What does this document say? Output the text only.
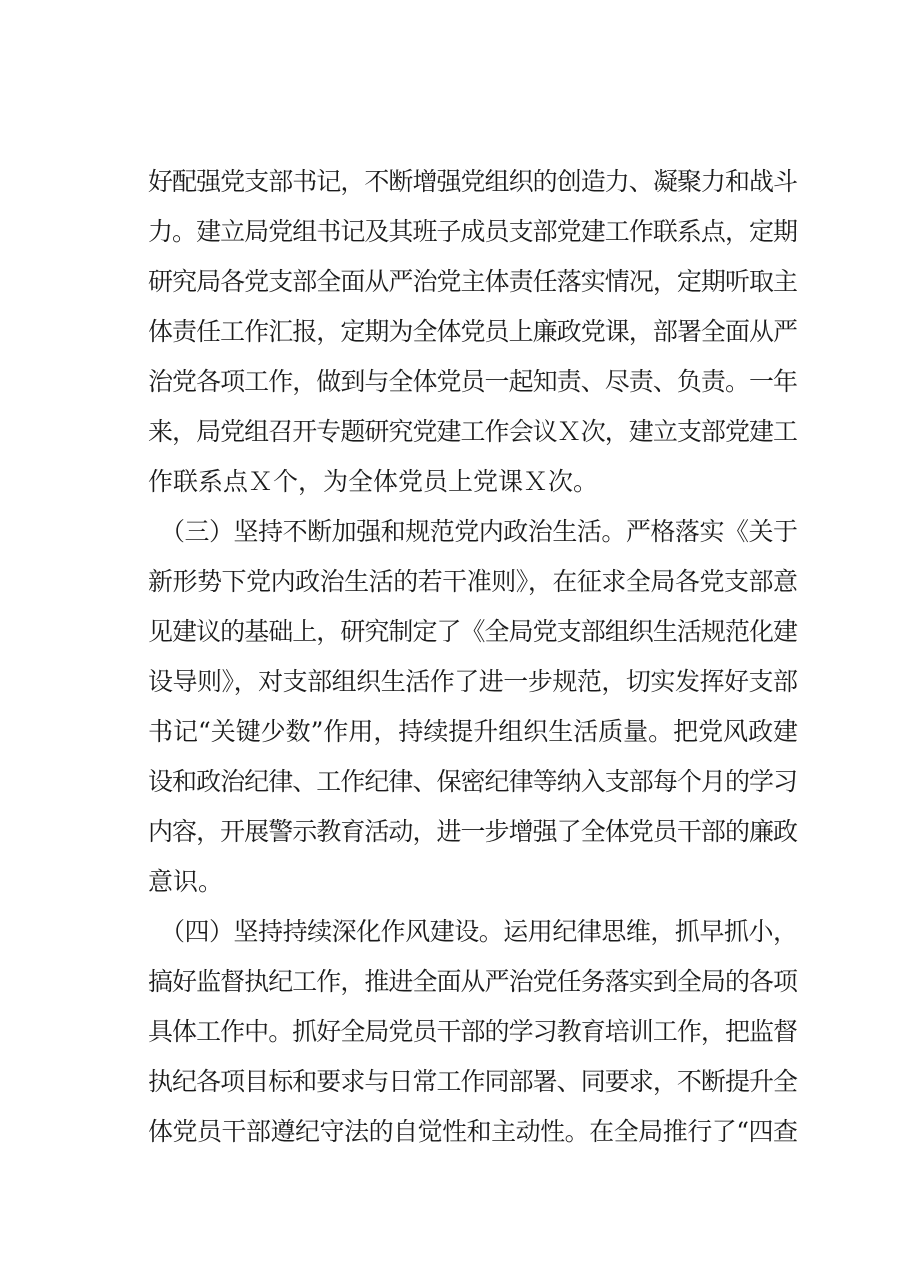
好配强党支部书记，不断增强党组织的创造力、凝聚力和战斗
力。建立局党组书记及其班子成员支部党建工作联系点，定期
研究局各党支部全面从严治党主体责任落实情况，定期听取主
体责任工作汇报，定期为全体党员上廉政党课，部署全面从严
治党各项工作，做到与全体党员一起知责、尽责、负责。一年
来，局党组召开专题研究党建工作会议Ｘ次，建立支部党建工
作联系点Ｘ个，为全体党员上党课Ｘ次。
（三）坚持不断加强和规范党内政治生活。严格落实《关于
新形势下党内政治生活的若干准则》，在征求全局各党支部意
见建议的基础上，研究制定了《全局党支部组织生活规范化建
设导则》，对支部组织生活作了进一步规范，切实发挥好支部
书记“关键少数”作用，持续提升组织生活质量。把党风政建
设和政治纪律、工作纪律、保密纪律等纳入支部每个月的学习
内容，开展警示教育活动，进一步增强了全体党员干部的廉政
意识。
（四）坚持持续深化作风建设。运用纪律思维，抓早抓小，
搞好监督执纪工作，推进全面从严治党任务落实到全局的各项
具体工作中。抓好全局党员干部的学习教育培训工作，把监督
执纪各项目标和要求与日常工作同部署、同要求，不断提升全
体党员干部遵纪守法的自觉性和主动性。在全局推行了“四查
